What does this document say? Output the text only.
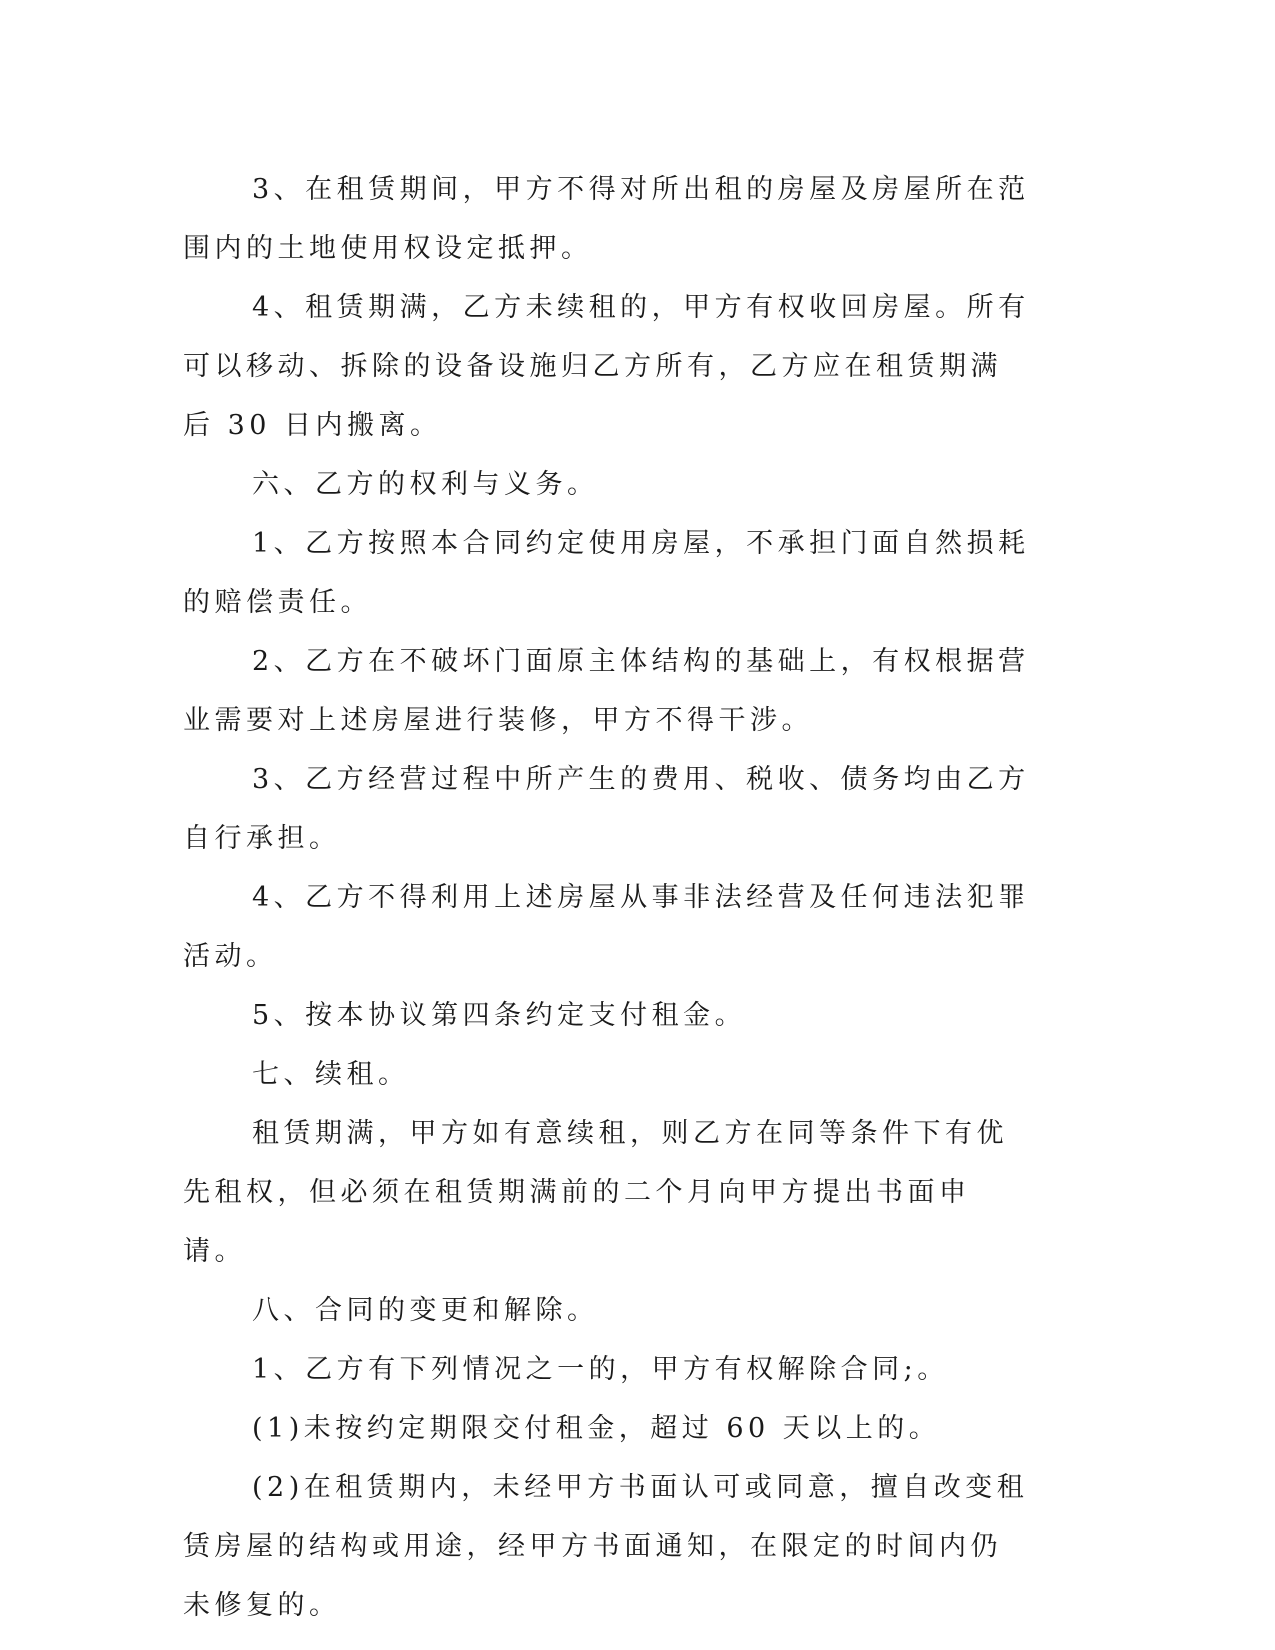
3、在租赁期间，甲方不得对所出租的房屋及房屋所在范围内的土地使用权设定抵押。

4、租赁期满，乙方未续租的，甲方有权收回房屋。所有可以移动、拆除的设备设施归乙方所有，乙方应在租赁期满后 30 日内搬离。

六、乙方的权利与义务。

1、乙方按照本合同约定使用房屋，不承担门面自然损耗的赔偿责任。

2、乙方在不破坏门面原主体结构的基础上，有权根据营业需要对上述房屋进行装修，甲方不得干涉。

3、乙方经营过程中所产生的费用、税收、债务均由乙方自行承担。

4、乙方不得利用上述房屋从事非法经营及任何违法犯罪活动。

5、按本协议第四条约定支付租金。

七、续租。

租赁期满，甲方如有意续租，则乙方在同等条件下有优先租权，但必须在租赁期满前的二个月向甲方提出书面申请。

八、合同的变更和解除。

1、乙方有下列情况之一的，甲方有权解除合同;。

(1)未按约定期限交付租金，超过 60 天以上的。

(2)在租赁期内，未经甲方书面认可或同意，擅自改变租赁房屋的结构或用途，经甲方书面通知，在限定的时间内仍未修复的。
